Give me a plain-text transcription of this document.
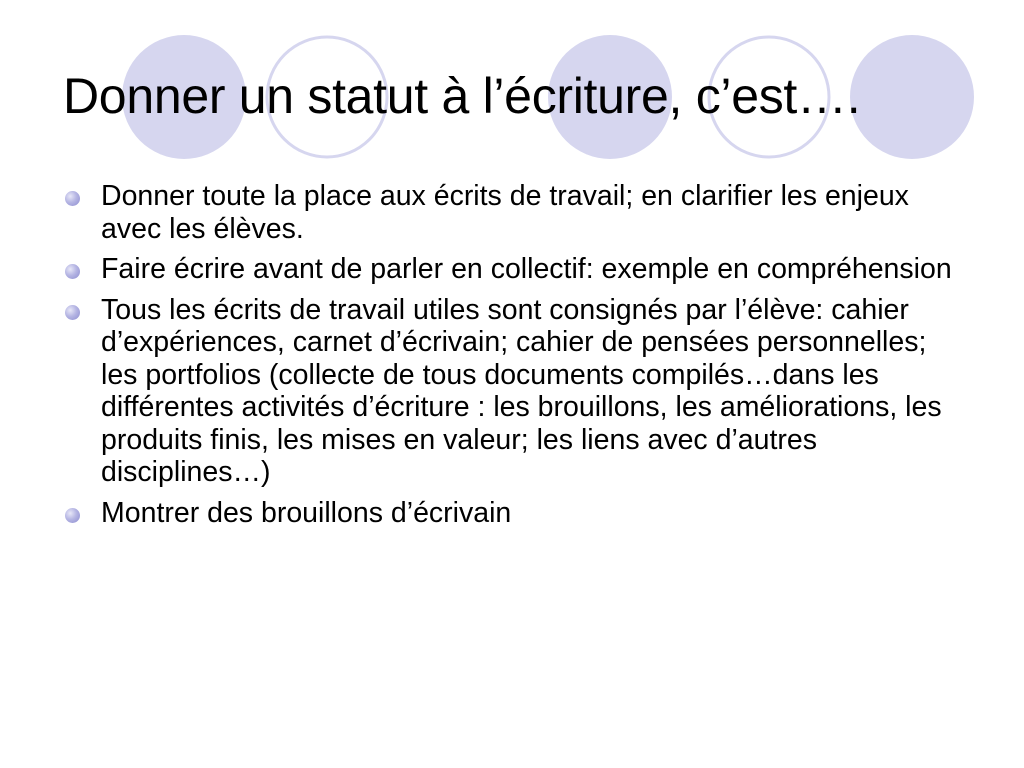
Donner un statut à l’écriture, c’est….
Donner toute la place aux écrits de travail; en clarifier les enjeux avec les élèves.
Faire écrire avant de parler en collectif: exemple en compréhension
Tous les écrits de travail utiles sont consignés par l’élève: cahier d’expériences, carnet d’écrivain; cahier de pensées personnelles; les portfolios (collecte de tous documents compilés…dans les différentes activités d’écriture : les brouillons, les améliorations, les produits finis, les mises en valeur; les liens avec d’autres disciplines…)
Montrer des brouillons d’écrivain
